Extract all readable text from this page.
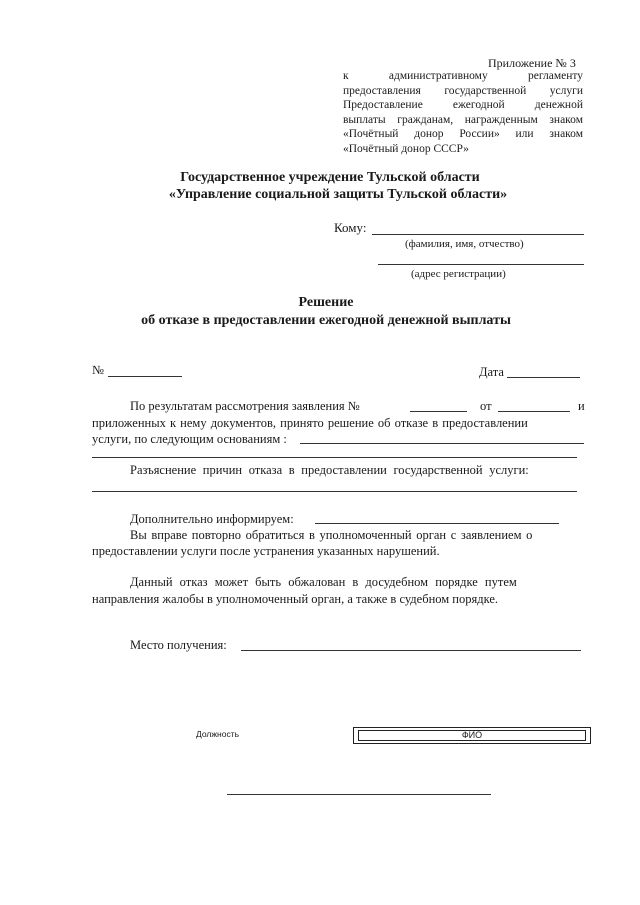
Приложение № 3
к административному регламенту
предоставления государственной услуги
Предоставление ежегодной денежной
выплаты гражданам, награжденным знаком
«Почётный донор России» или знаком
«Почётный донор СССР»
Государственное учреждение Тульской области
«Управление социальной защиты Тульской области»
Кому:
(фамилия, имя, отчество)
(адрес регистрации)
Решение
об отказе в предоставлении ежегодной денежной выплаты
№	Дата
По результатам рассмотрения заявления №	от	и
приложенных к нему документов, принято решение об отказе в предоставлении
услуги, по следующим основаниям :
Разъяснение причин отказа в предоставлении государственной услуги:
Дополнительно информируем:
Вы вправе повторно обратиться в уполномоченный орган с заявлением о
предоставлении услуги после устранения указанных нарушений.
Данный отказ может быть обжалован в досудебном порядке путем
направления жалобы в уполномоченный орган, а также в судебном порядке.
Место получения:
Должность	ФИО
